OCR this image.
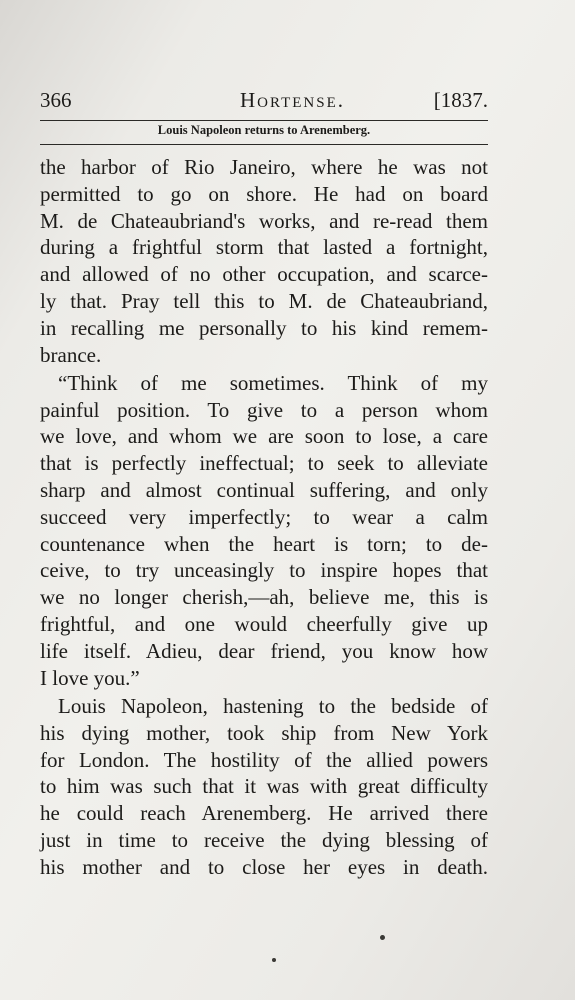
366	Hortense.	[1837.
Louis Napoleon returns to Arenemberg.
the harbor of Rio Janeiro, where he was not
permitted to go on shore. He had on board
M. de Chateaubriand's works, and re-read them
during a frightful storm that lasted a fortnight,
and allowed of no other occupation, and scarce-
ly that. Pray tell this to M. de Chateaubriand,
in recalling me personally to his kind remem-
brance.
“Think of me sometimes. Think of my
painful position. To give to a person whom
we love, and whom we are soon to lose, a care
that is perfectly ineffectual; to seek to alleviate
sharp and almost continual suffering, and only
succeed very imperfectly; to wear a calm
countenance when the heart is torn; to de-
ceive, to try unceasingly to inspire hopes that
we no longer cherish,—ah, believe me, this is
frightful, and one would cheerfully give up
life itself. Adieu, dear friend, you know how
I love you.”
Louis Napoleon, hastening to the bedside of
his dying mother, took ship from New York
for London. The hostility of the allied powers
to him was such that it was with great difficulty
he could reach Arenemberg. He arrived there
just in time to receive the dying blessing of
his mother and to close her eyes in death.
